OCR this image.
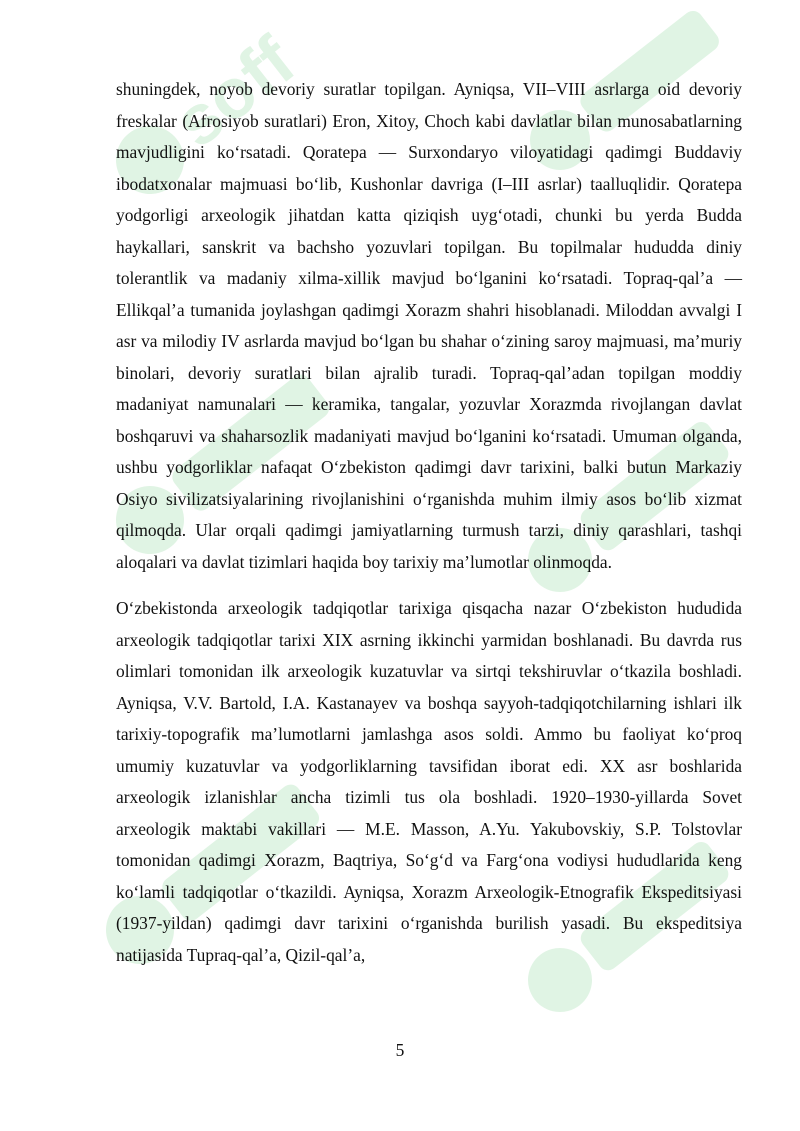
soff

shuningdek, noyob devoriy suratlar topilgan. Ayniqsa, VII–VIII asrlarga oid devoriy freskalar (Afrosiyob suratlari) Eron, Xitoy, Choch kabi davlatlar bilan munosabatlarning mavjudligini ko‘rsatadi. Qoratepa — Surxondaryo viloyatidagi qadimgi Buddaviy ibodatxonalar majmuasi bo‘lib, Kushonlar davriga (I–III asrlar) taalluqlidir. Qoratepa yodgorligi arxeologik jihatdan katta qiziqish uyg‘otadi, chunki bu yerda Budda haykallari, sanskrit va bachsho yozuvlari topilgan. Bu topilmalar hududda diniy tolerantlik va madaniy xilma-xillik mavjud bo‘lganini ko‘rsatadi. Topraq-qal’a — Ellikqal’a tumanida joylashgan qadimgi Xorazm shahri hisoblanadi. Miloddan avvalgi I asr va milodiy IV asrlarda mavjud bo‘lgan bu shahar o‘zining saroy majmuasi, ma’muriy binolari, devoriy suratlari bilan ajralib turadi. Topraq-qal’adan topilgan moddiy madaniyat namunalari — keramika, tangalar, yozuvlar Xorazmda rivojlangan davlat boshqaruvi va shaharsozlik madaniyati mavjud bo‘lganini ko‘rsatadi. Umuman olganda, ushbu yodgorliklar nafaqat O‘zbekiston qadimgi davr tarixini, balki butun Markaziy Osiyo sivilizatsiyalarining rivojlanishini o‘rganishda muhim ilmiy asos bo‘lib xizmat qilmoqda. Ular orqali qadimgi jamiyatlarning turmush tarzi, diniy qarashlari, tashqi aloqalari va davlat tizimlari haqida boy tarixiy ma’lumotlar olinmoqda.

O‘zbekistonda arxeologik tadqiqotlar tarixiga qisqacha nazar O‘zbekiston hududida arxeologik tadqiqotlar tarixi XIX asrning ikkinchi yarmidan boshlanadi. Bu davrda rus olimlari tomonidan ilk arxeologik kuzatuvlar va sirtqi tekshiruvlar o‘tkazila boshladi. Ayniqsa, V.V. Bartold, I.A. Kastanayev va boshqa sayyoh-tadqiqotchilarning ishlari ilk tarixiy-topografik ma’lumotlarni jamlashga asos soldi. Ammo bu faoliyat ko‘proq umumiy kuzatuvlar va yodgorliklarning tavsifidan iborat edi. XX asr boshlarida arxeologik izlanishlar ancha tizimli tus ola boshladi. 1920–1930-yillarda Sovet arxeologik maktabi vakillari — M.E. Masson, A.Yu. Yakubovskiy, S.P. Tolstovlar tomonidan qadimgi Xorazm, Baqtriya, So‘g‘d va Farg‘ona vodiysi hududlarida keng ko‘lamli tadqiqotlar o‘tkazildi. Ayniqsa, Xorazm Arxeologik-Etnografik Ekspeditsiyasi (1937-yildan) qadimgi davr tarixini o‘rganishda burilish yasadi. Bu ekspeditsiya natijasida Tupraq-qal’a, Qizil-qal’a,

5
